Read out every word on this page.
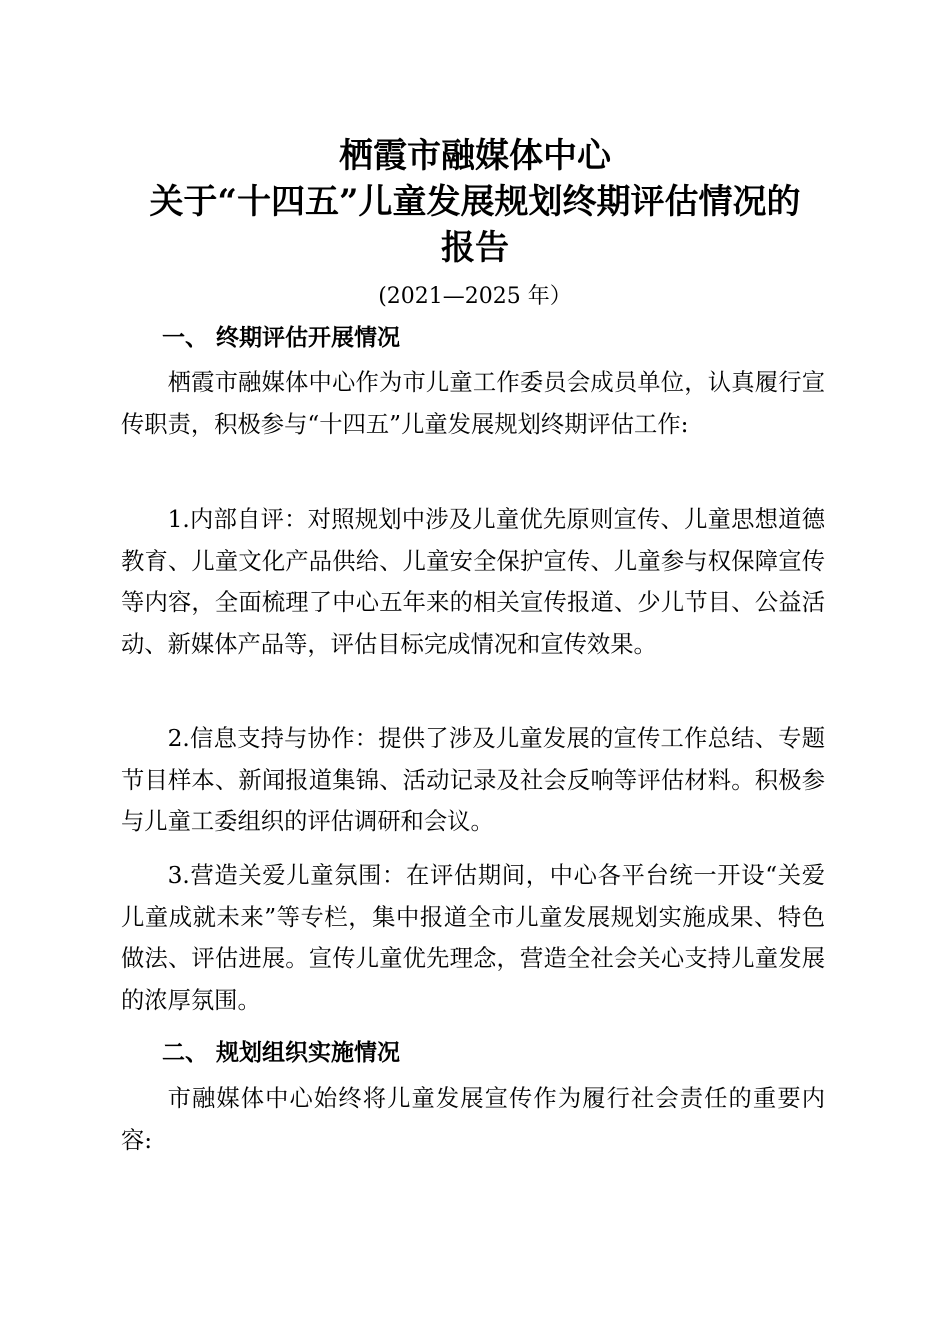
栖霞市融媒体中心
关于“十四五”儿童发展规划终期评估情况的
报告
(2021—2025 年）
一、 终期评估开展情况

栖霞市融媒体中心作为市儿童工作委员会成员单位，认真履行宣传职责，积极参与“十四五”儿童发展规划终期评估工作:

1.内部自评：对照规划中涉及儿童优先原则宣传、儿童思想道德教育、儿童文化产品供给、儿童安全保护宣传、儿童参与权保障宣传等内容，全面梳理了中心五年来的相关宣传报道、少儿节目、公益活动、新媒体产品等，评估目标完成情况和宣传效果。

2.信息支持与协作：提供了涉及儿童发展的宣传工作总结、专题节目样本、新闻报道集锦、活动记录及社会反响等评估材料。积极参与儿童工委组织的评估调研和会议。

3.营造关爱儿童氛围：在评估期间，中心各平台统一开设“关爱儿童成就未来”等专栏，集中报道全市儿童发展规划实施成果、特色做法、评估进展。宣传儿童优先理念，营造全社会关心支持儿童发展的浓厚氛围。

二、 规划组织实施情况

市融媒体中心始终将儿童发展宣传作为履行社会责任的重要内容:
